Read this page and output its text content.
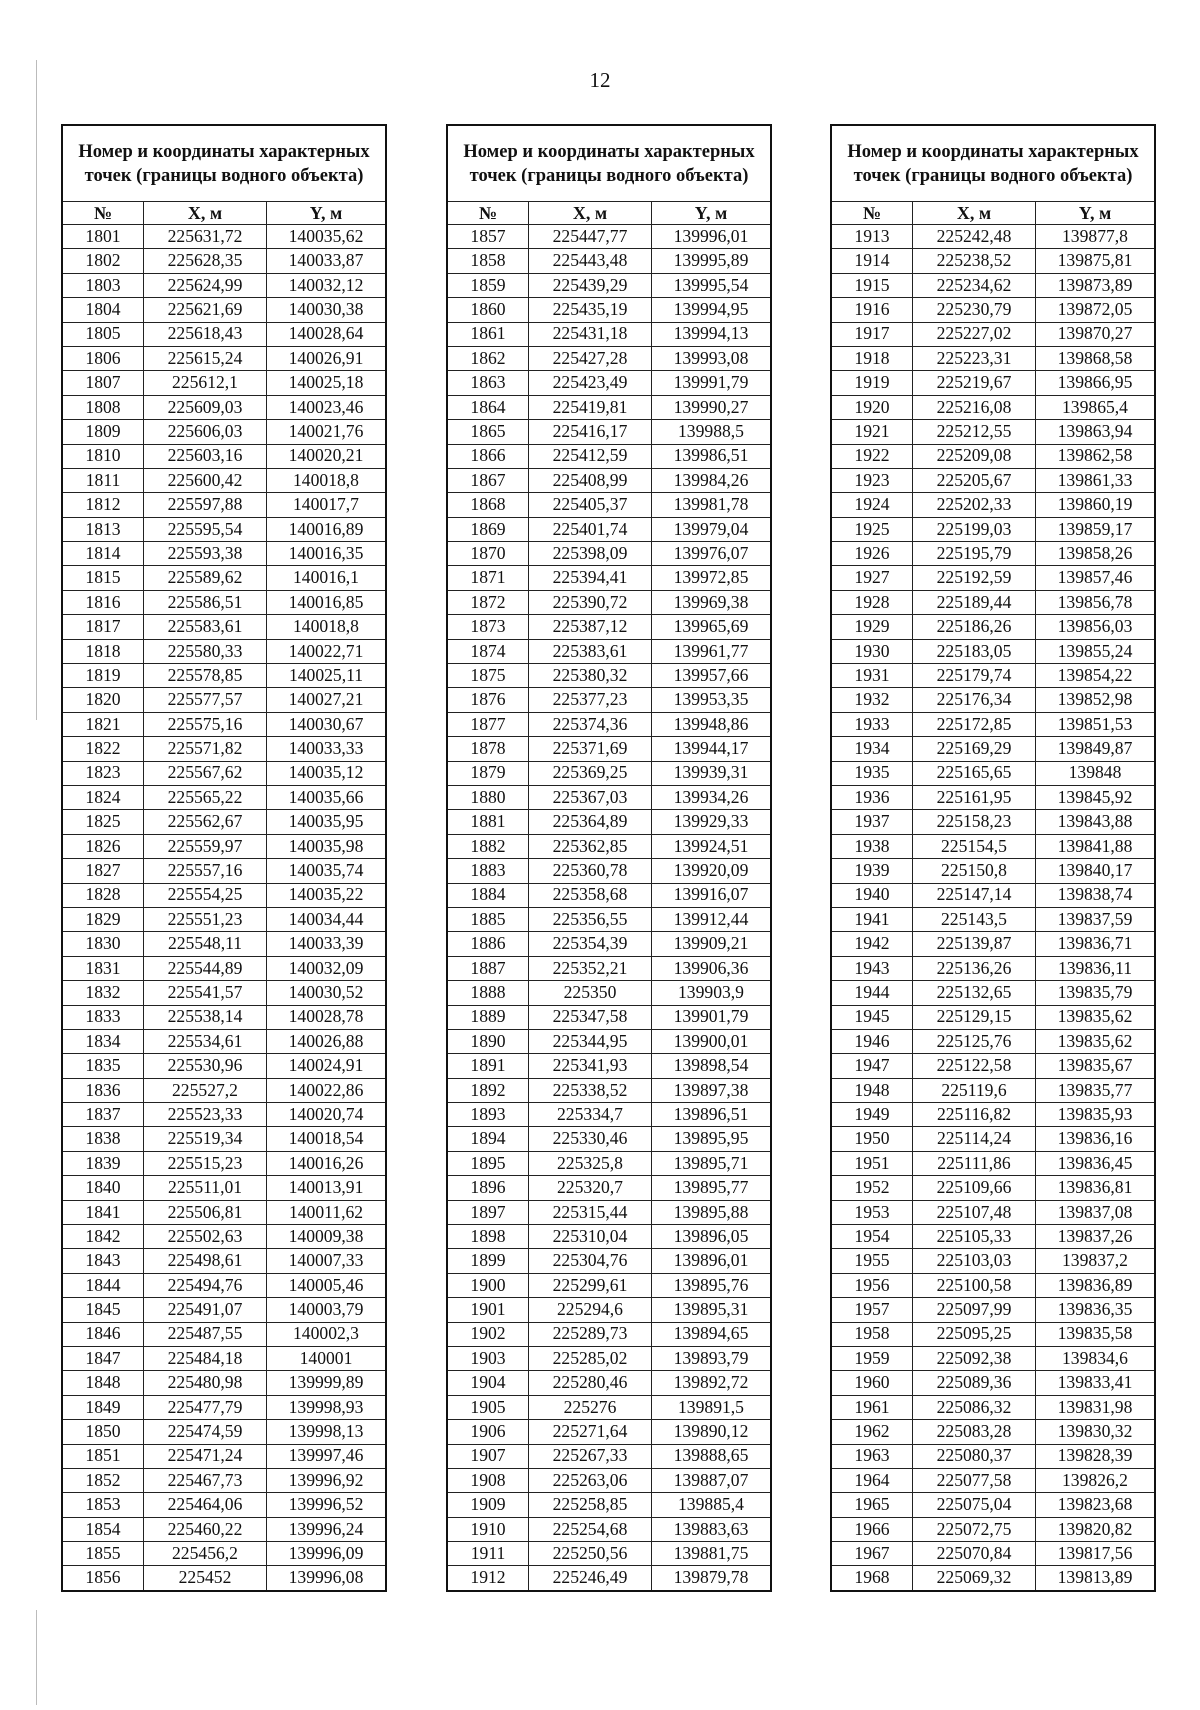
12
Номер и координаты характерных точек (границы водного объекта)		
№	X, м	Y, м
1801	225631,72	140035,62
1802	225628,35	140033,87
1803	225624,99	140032,12
1804	225621,69	140030,38
1805	225618,43	140028,64
1806	225615,24	140026,91
1807	225612,1	140025,18
1808	225609,03	140023,46
1809	225606,03	140021,76
1810	225603,16	140020,21
1811	225600,42	140018,8
1812	225597,88	140017,7
1813	225595,54	140016,89
1814	225593,38	140016,35
1815	225589,62	140016,1
1816	225586,51	140016,85
1817	225583,61	140018,8
1818	225580,33	140022,71
1819	225578,85	140025,11
1820	225577,57	140027,21
1821	225575,16	140030,67
1822	225571,82	140033,33
1823	225567,62	140035,12
1824	225565,22	140035,66
1825	225562,67	140035,95
1826	225559,97	140035,98
1827	225557,16	140035,74
1828	225554,25	140035,22
1829	225551,23	140034,44
1830	225548,11	140033,39
1831	225544,89	140032,09
1832	225541,57	140030,52
1833	225538,14	140028,78
1834	225534,61	140026,88
1835	225530,96	140024,91
1836	225527,2	140022,86
1837	225523,33	140020,74
1838	225519,34	140018,54
1839	225515,23	140016,26
1840	225511,01	140013,91
1841	225506,81	140011,62
1842	225502,63	140009,38
1843	225498,61	140007,33
1844	225494,76	140005,46
1845	225491,07	140003,79
1846	225487,55	140002,3
1847	225484,18	140001
1848	225480,98	139999,89
1849	225477,79	139998,93
1850	225474,59	139998,13
1851	225471,24	139997,46
1852	225467,73	139996,92
1853	225464,06	139996,52
1854	225460,22	139996,24
1855	225456,2	139996,09
1856	225452	139996,08
Номер и координаты характерных точек (границы водного объекта)		
№	X, м	Y, м
1857	225447,77	139996,01
1858	225443,48	139995,89
1859	225439,29	139995,54
1860	225435,19	139994,95
1861	225431,18	139994,13
1862	225427,28	139993,08
1863	225423,49	139991,79
1864	225419,81	139990,27
1865	225416,17	139988,5
1866	225412,59	139986,51
1867	225408,99	139984,26
1868	225405,37	139981,78
1869	225401,74	139979,04
1870	225398,09	139976,07
1871	225394,41	139972,85
1872	225390,72	139969,38
1873	225387,12	139965,69
1874	225383,61	139961,77
1875	225380,32	139957,66
1876	225377,23	139953,35
1877	225374,36	139948,86
1878	225371,69	139944,17
1879	225369,25	139939,31
1880	225367,03	139934,26
1881	225364,89	139929,33
1882	225362,85	139924,51
1883	225360,78	139920,09
1884	225358,68	139916,07
1885	225356,55	139912,44
1886	225354,39	139909,21
1887	225352,21	139906,36
1888	225350	139903,9
1889	225347,58	139901,79
1890	225344,95	139900,01
1891	225341,93	139898,54
1892	225338,52	139897,38
1893	225334,7	139896,51
1894	225330,46	139895,95
1895	225325,8	139895,71
1896	225320,7	139895,77
1897	225315,44	139895,88
1898	225310,04	139896,05
1899	225304,76	139896,01
1900	225299,61	139895,76
1901	225294,6	139895,31
1902	225289,73	139894,65
1903	225285,02	139893,79
1904	225280,46	139892,72
1905	225276	139891,5
1906	225271,64	139890,12
1907	225267,33	139888,65
1908	225263,06	139887,07
1909	225258,85	139885,4
1910	225254,68	139883,63
1911	225250,56	139881,75
1912	225246,49	139879,78
Номер и координаты характерных точек (границы водного объекта)		
№	X, м	Y, м
1913	225242,48	139877,8
1914	225238,52	139875,81
1915	225234,62	139873,89
1916	225230,79	139872,05
1917	225227,02	139870,27
1918	225223,31	139868,58
1919	225219,67	139866,95
1920	225216,08	139865,4
1921	225212,55	139863,94
1922	225209,08	139862,58
1923	225205,67	139861,33
1924	225202,33	139860,19
1925	225199,03	139859,17
1926	225195,79	139858,26
1927	225192,59	139857,46
1928	225189,44	139856,78
1929	225186,26	139856,03
1930	225183,05	139855,24
1931	225179,74	139854,22
1932	225176,34	139852,98
1933	225172,85	139851,53
1934	225169,29	139849,87
1935	225165,65	139848
1936	225161,95	139845,92
1937	225158,23	139843,88
1938	225154,5	139841,88
1939	225150,8	139840,17
1940	225147,14	139838,74
1941	225143,5	139837,59
1942	225139,87	139836,71
1943	225136,26	139836,11
1944	225132,65	139835,79
1945	225129,15	139835,62
1946	225125,76	139835,62
1947	225122,58	139835,67
1948	225119,6	139835,77
1949	225116,82	139835,93
1950	225114,24	139836,16
1951	225111,86	139836,45
1952	225109,66	139836,81
1953	225107,48	139837,08
1954	225105,33	139837,26
1955	225103,03	139837,2
1956	225100,58	139836,89
1957	225097,99	139836,35
1958	225095,25	139835,58
1959	225092,38	139834,6
1960	225089,36	139833,41
1961	225086,32	139831,98
1962	225083,28	139830,32
1963	225080,37	139828,39
1964	225077,58	139826,2
1965	225075,04	139823,68
1966	225072,75	139820,82
1967	225070,84	139817,56
1968	225069,32	139813,89
